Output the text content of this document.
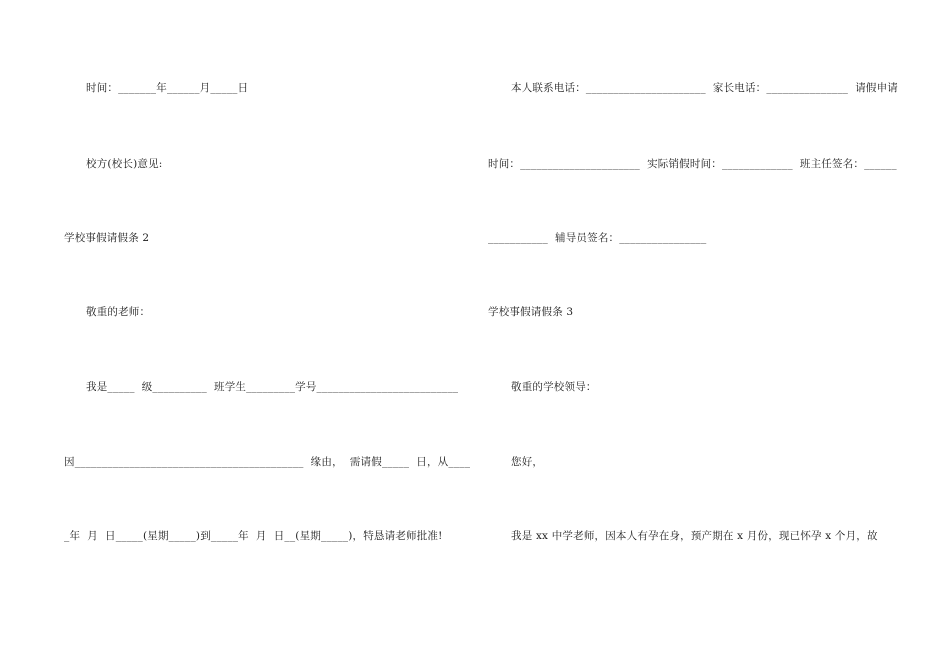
时间：_______年______月_____日
校方(校长)意见:
学校事假请假条 2
敬重的老师：
我是_____  级__________  班学生_________学号__________________________
因__________________________________________  缘由，  需请假_____  日，从____
_年  月  日_____(星期_____)到_____年  月  日__(星期_____)，特恳请老师批准!
本人联系电话：______________________  家长电话：_______________  请假申请
时间：______________________  实际销假时间：_____________  班主任签名：______
___________  辅导员签名：________________
学校事假请假条 3
敬重的学校领导：
您好，
我是 xx 中学老师，因本人有孕在身，预产期在 x 月份，现已怀孕 x 个月，故
